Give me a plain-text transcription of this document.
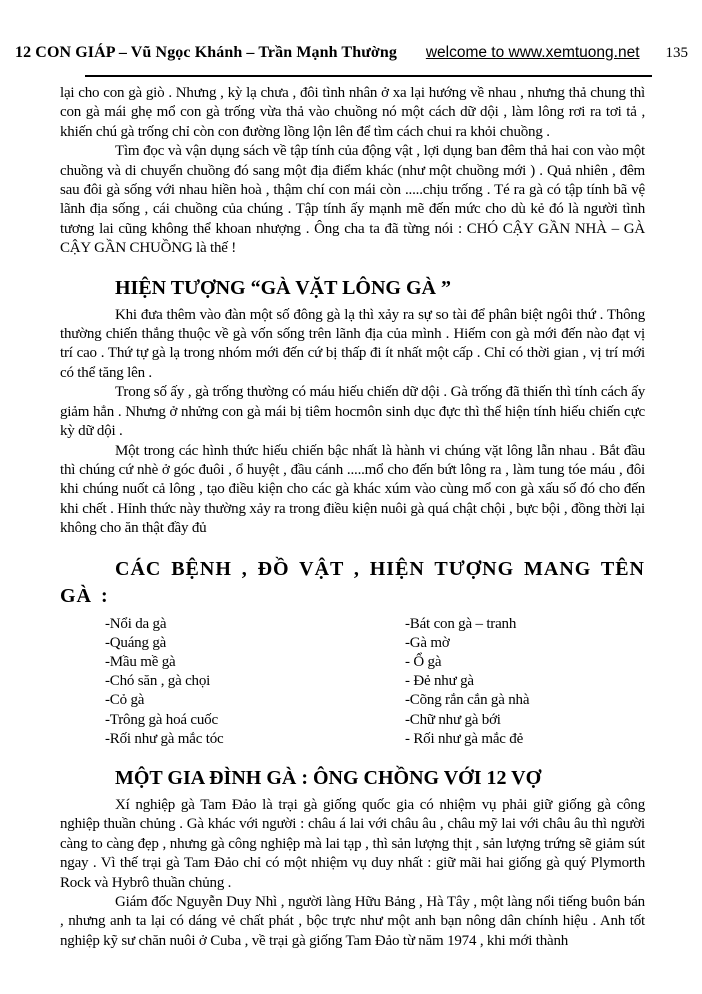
12 CON GIÁP – Vũ Ngọc Khánh – Trần Mạnh Thường welcome to www.xemtuong.net 135

lại cho con gà giò . Nhưng , kỳ lạ chưa , đôi tình nhân ở xa lại hướng về nhau , nhưng thả chung thì con gà mái ghẹ mổ con gà trống vừa thả vào chuồng nó một cách dữ dội , làm lông rơi ra tơi tả , khiến chú gà trống chỉ còn con đường lồng lộn lên để tìm cách chui ra khỏi chuồng .

Tìm đọc và vận dụng sách về tập tính của động vật , lợi dụng ban đêm thả hai con vào một chuồng và di chuyển chuồng đó sang một địa điểm khác (như một chuồng mới ) . Quả nhiên , đêm sau đôi gà sống với nhau hiền hoà , thậm chí con mái còn .....chịu trống . Té ra gà có tập tính bã vệ lãnh địa sống , cái chuồng của chúng . Tập tính ấy mạnh mẽ đến mức cho dù kẻ đó là người tình tương lai cũng không thể khoan nhượng . Ông cha ta đã từng nói : CHÓ CẬY GẦN NHÀ – GÀ CẬY GẦN CHUỒNG là thế !

HIỆN TƯỢNG “GÀ VẶT LÔNG GÀ ”

Khi đưa thêm vào đàn một số đông gà lạ thì xảy ra sự so tài để phân biệt ngôi thứ . Thông thường chiến thắng thuộc về gà vốn sống trên lãnh địa của mình . Hiếm con gà mới đến nào đạt vị trí cao . Thứ tự gà lạ trong nhóm mới đến cứ bị thấp đi ít nhất một cấp . Chỉ có thời gian , vị trí mới có thể tăng lên .

Trong số ấy , gà trống thường có máu hiếu chiến dữ dội . Gà trống đã thiến thì tính cách ấy giảm hẳn . Nhưng ở nhửng con gà mái bị tiêm hocmôn sinh dục đực thì thể hiện tính hiếu chiến cực kỳ dữ dội .

Một trong các hình thức hiếu chiến bậc nhất là hành vi chúng vặt lông lẫn nhau . Bắt đầu thì chúng cứ nhè ở góc đuôi , ổ huyệt , đầu cánh .....mổ cho đến bứt lông ra , làm tung tóe máu , đôi khi chúng nuốt cả lông , tạo điều kiện cho các gà khác xúm vào cùng mổ con gà xấu số đó cho đến khi chết . Hỉnh thức này thường xảy ra trong điều kiện nuôi gà quá chật chội , bực bội , đồng thời lại không cho ăn thật đầy đủ

CÁC BỆNH , ĐỒ VẬT , HIỆN TƯỢNG MANG TÊN GÀ :
-Nổi da gà	-Bát con gà – tranh
-Quáng gà	-Gà mờ
-Mầu mề gà	- Ổ gà
-Chó săn , gà chọi	- Đẻ như gà
-Cỏ gà	-Cõng rắn cắn gà nhà
-Trông gà hoá cuốc	-Chữ như gà bới
-Rối như gà mắc tóc	- Rối như gà mắc đẻ
MỘT GIA ĐÌNH GÀ : ÔNG CHỒNG VỚI 12 VỢ

Xí nghiệp gà Tam Đảo là trại gà giống quốc gia có nhiệm vụ phải giữ giống gà công nghiệp thuần chủng . Gà khác với người : châu á lai với châu âu , châu mỹ lai với châu âu thì người càng to càng đẹp , nhưng gà công nghiệp mà lai tạp , thì sản lượng thịt , sản lượng trứng sẽ giảm sút ngay . Vì thế trại gà Tam Đảo chỉ có một nhiệm vụ duy nhất : giữ mãi hai giống gà quý Plymorth Rock và Hybrô thuần chủng .

Giám đốc Nguyễn Duy Nhì , người làng Hữu Bảng , Hà Tây , một làng nổi tiếng buôn bán , nhưng anh ta lại có dáng vẻ chất phát , bộc trực như một anh bạn nông dân chính hiệu . Anh tốt nghiệp kỹ sư chăn nuôi ở Cuba , về trại gà giống Tam Đảo từ năm 1974 , khi mới thành
